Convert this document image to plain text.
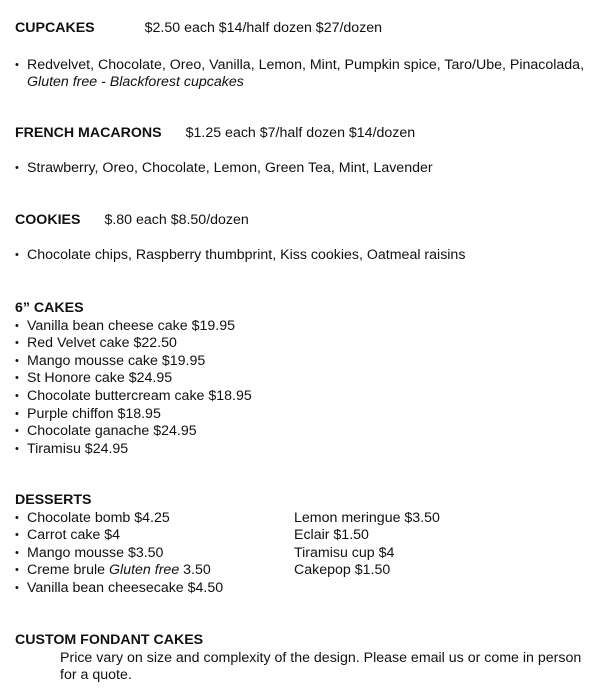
CUPCAKES	$2.50 each $14/half dozen $27/dozen
• Redvelvet, Chocolate, Oreo, Vanilla, Lemon, Mint, Pumpkin spice, Taro/Ube, Pinacolada, Gluten free - Blackforest cupcakes
FRENCH MACARONS $1.25 each $7/half dozen $14/dozen
• Strawberry, Oreo, Chocolate, Lemon, Green Tea, Mint, Lavender
COOKIES $.80 each $8.50/dozen
• Chocolate chips, Raspberry thumbprint, Kiss cookies, Oatmeal raisins
6” CAKES
• Vanilla bean cheese cake $19.95
• Red Velvet cake $22.50
• Mango mousse cake $19.95
• St Honore cake $24.95
• Chocolate buttercream cake $18.95
• Purple chiffon $18.95
• Chocolate ganache $24.95
• Tiramisu $24.95
DESSERTS
• Chocolate bomb $4.25
• Carrot cake $4
• Mango mousse $3.50
• Creme brule Gluten free 3.50
• Vanilla bean cheesecake $4.50
Lemon meringue $3.50
Eclair $1.50
Tiramisu cup $4
Cakepop $1.50
CUSTOM FONDANT CAKES
Price vary on size and complexity of the design. Please email us or come in person for a quote.
